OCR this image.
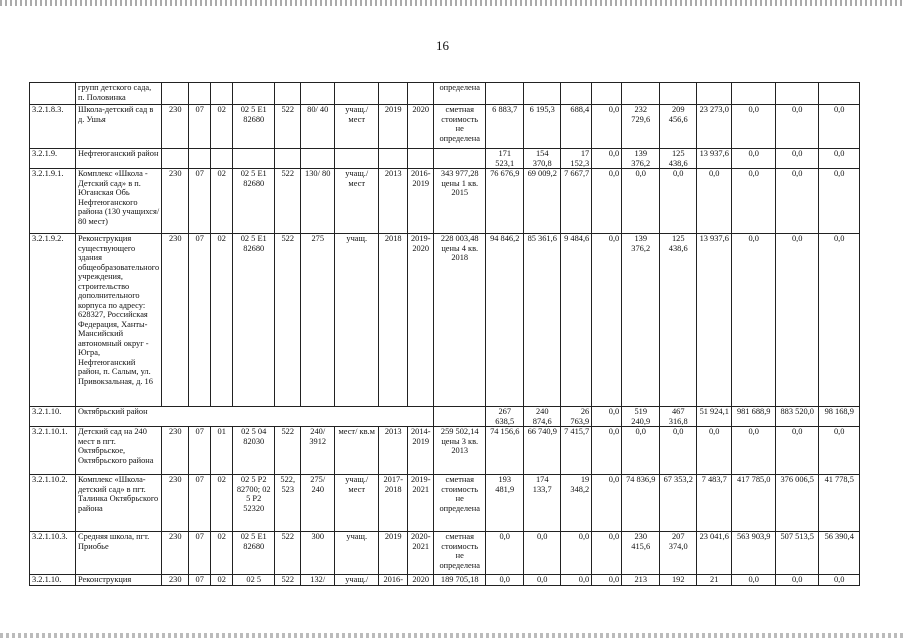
16
	групп детского сада, п. Половинка										определена										
3.2.1.8.3.	Школа-детский сад в д. Ушья	230	07	02	02 5 E1 82680	522	80/ 40	учащ./ мест	2019	2020	сметная стоимость не определена	6 883,7	6 195,3	688,4	0,0	232 729,6	209 456,6	23 273,0	0,0	0,0	0,0
3.2.1.9.	Нефтеюганский район											171 523,1	154 370,8	17 152,3	0,0	139 376,2	125 438,6	13 937,6	0,0	0,0	0,0
3.2.1.9.1.	Комплекс «Школа - Детский сад» в п. Юганская Обь Нефтеюганского района (130 учащихся/ 80 мест)	230	07	02	02 5 E1 82680	522	130/ 80	учащ./ мест	2013	2016-2019	343 977,28 цены 1 кв. 2015	76 676,9	69 009,2	7 667,7	0,0	0,0	0,0	0,0	0,0	0,0	0,0
3.2.1.9.2.	Реконструкция существующего здания общеобразовательного учреждения, строительство дополнительного корпуса по адресу: 628327, Российская Федерация, Ханты-Мансийский автономный округ - Югра, Нефтеюганский район, п. Салым, ул. Привокзальная, д. 16	230	07	02	02 5 E1 82680	522	275	учащ.	2018	2019-2020	228 003,48 цены 4 кв. 2018	94 846,2	85 361,6	9 484,6	0,0	139 376,2	125 438,6	13 937,6	0,0	0,0	0,0
3.2.1.10.	Октябрьский район											267 638,5	240 874,6	26 763,9	0,0	519 240,9	467 316,8	51 924,1	981 688,9	883 520,0	98 168,9
3.2.1.10.1.	Детский сад на 240 мест в пгт. Октябрьское, Октябрьского района	230	07	01	02 5 04 82030	522	240/ 3912	мест/ кв.м	2013	2014-2019	259 502,14 цены 3 кв. 2013	74 156,6	66 740,9	7 415,7	0,0	0,0	0,0	0,0	0,0	0,0	0,0
3.2.1.10.2.	Комплекс «Школа-детский сад» в пгт. Талинка Октябрьского района	230	07	02	02 5 P2 82700; 02 5 P2 52320	522, 523	275/ 240	учащ./ мест	2017-2018	2019-2021	сметная стоимость не определена	193 481,9	174 133,7	19 348,2	0,0	74 836,9	67 353,2	7 483,7	417 785,0	376 006,5	41 778,5
3.2.1.10.3.	Средняя школа, пгт. Приобье	230	07	02	02 5 E1 82680	522	300	учащ.	2019	2020-2021	сметная стоимость не определена	0,0	0,0	0,0	0,0	230 415,6	207 374,0	23 041,6	563 903,9	507 513,5	56 390,4
3.2.1.10.	Реконструкция	230	07	02	02 5	522	132/	учащ./	2016-	2020	189 705,18	0,0	0,0	0,0	0,0	213	192	21	0,0	0,0	0,0
